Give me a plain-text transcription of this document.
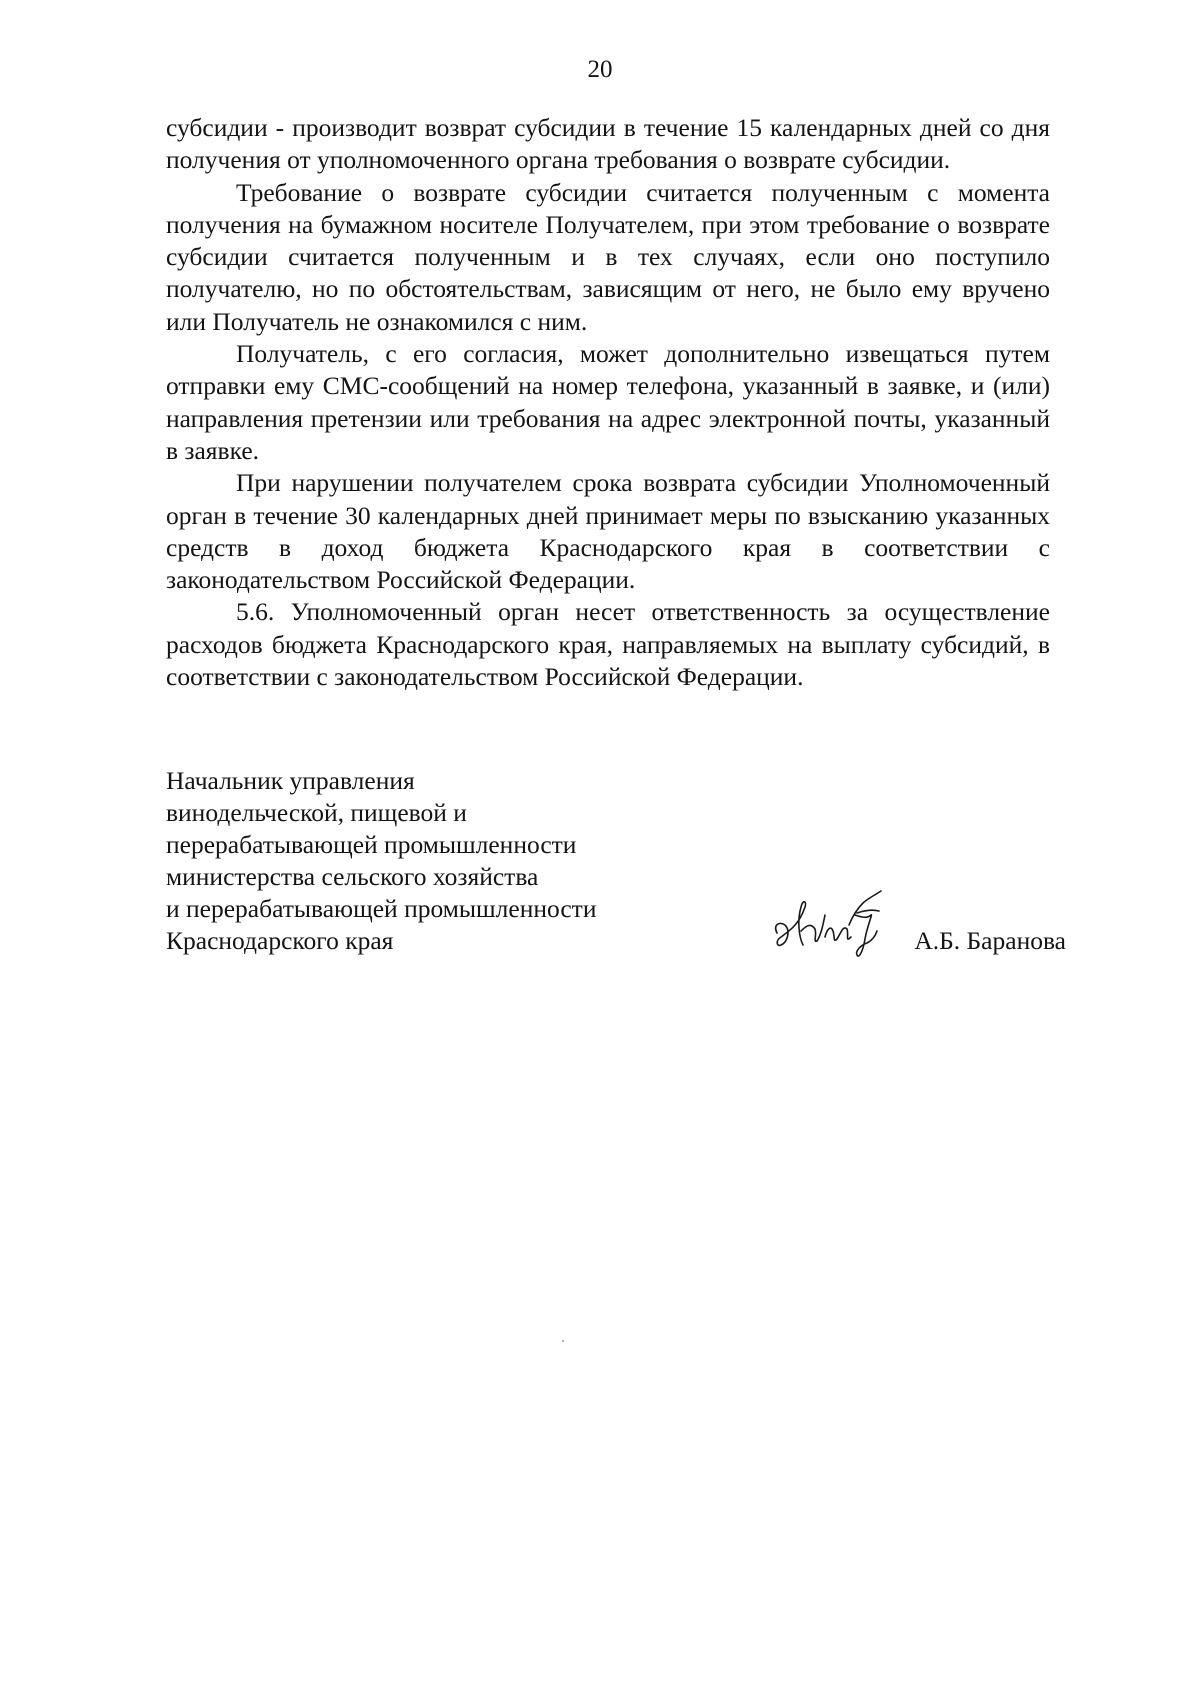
20

субсидии - производит возврат субсидии в течение 15 календарных дней со дня получения от уполномоченного органа требования о возврате субсидии.

Требование о возврате субсидии считается полученным с момента получения на бумажном носителе Получателем, при этом требование о возврате субсидии считается полученным и в тех случаях, если оно поступило получателю, но по обстоятельствам, зависящим от него, не было ему вручено или Получатель не ознакомился с ним.

Получатель, с его согласия, может дополнительно извещаться путем отправки ему СМС-сообщений на номер телефона, указанный в заявке, и (или) направления претензии или требования на адрес электронной почты, указанный в заявке.

При нарушении получателем срока возврата субсидии Уполномоченный орган в течение 30 календарных дней принимает меры по взысканию указанных средств в доход бюджета Краснодарского края в соответствии с законодательством Российской Федерации.

5.6. Уполномоченный орган несет ответственность за осуществление расходов бюджета Краснодарского края, направляемых на выплату субсидий, в соответствии с законодательством Российской Федерации.

Начальник управления
винодельческой, пищевой и
перерабатывающей промышленности
министерства сельского хозяйства
и перерабатывающей промышленности
Краснодарского края	А.Б. Баранова
